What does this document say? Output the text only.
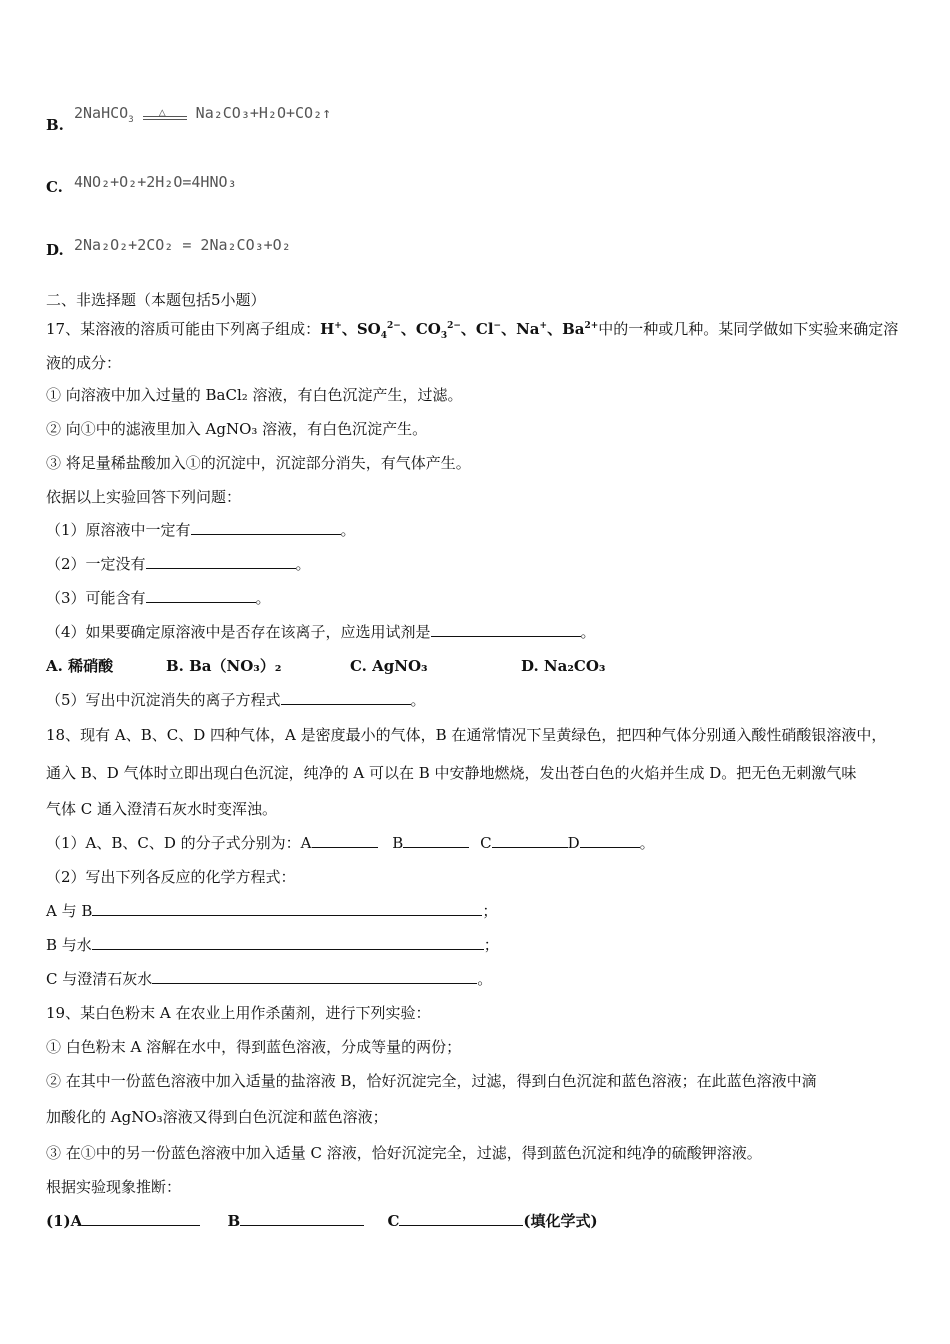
B.
2NaHCO$_3$
△ Na₂CO₃+H₂O+CO₂↑
C. 4NO₂+O₂+2H₂O=4HNO₃
D. 2Na₂O₂+2CO₂ = 2Na₂CO₃+O₂
二、非选择题（本题包括5小题）
17、某溶液的溶质可能由下列离子组成：H+、$SO_4^{2-}$、$CO_3^{2-}$、Cl−、Na+、$Ba^{2+}$中的一种或几种。某同学做如下实验来确定溶
液的成分：
① 向溶液中加入过量的 BaCl₂ 溶液，有白色沉淀产生，过滤。
② 向①中的滤液里加入 AgNO₃ 溶液，有白色沉淀产生。
③ 将足量稀盐酸加入①的沉淀中，沉淀部分消失，有气体产生。
依据以上实验回答下列问题：
（1）原溶液中一定有	。
（2）一定没有	。
（3）可能含有	。
（4）如果要确定原溶液中是否存在该离子，应选用试剂是	。
A. 稀硝酸	B. Ba（NO₃）₂	C. AgNO₃	D. Na₂CO₃
（5）写出中沉淀消失的离子方程式	。
18、现有 A、B、C、D 四种气体，A 是密度最小的气体，B 在通常情况下呈黄绿色，把四种气体分别通入酸性硝酸银溶液中，
通入 B、D 气体时立即出现白色沉淀，纯净的 A 可以在 B 中安静地燃烧，发出苍白色的火焰并生成 D。把无色无刺激气味
气体 C 通入澄清石灰水时变浑浊。
（1）A、B、C、D 的分子式分别为：A	B	C	D	。
（2）写出下列各反应的化学方程式：
A 与 B	；
B 与水	；
C 与澄清石灰水	。
19、某白色粉末 A 在农业上用作杀菌剂，进行下列实验：
① 白色粉末 A 溶解在水中，得到蓝色溶液，分成等量的两份；
② 在其中一份蓝色溶液中加入适量的盐溶液 B，恰好沉淀完全，过滤，得到白色沉淀和蓝色溶液；在此蓝色溶液中滴
加酸化的 AgNO₃溶液又得到白色沉淀和蓝色溶液；
③ 在①中的另一份蓝色溶液中加入适量 C 溶液，恰好沉淀完全，过滤，得到蓝色沉淀和纯净的硫酸钾溶液。
根据实验现象推断：
(1)A	B	C	(填化学式)
